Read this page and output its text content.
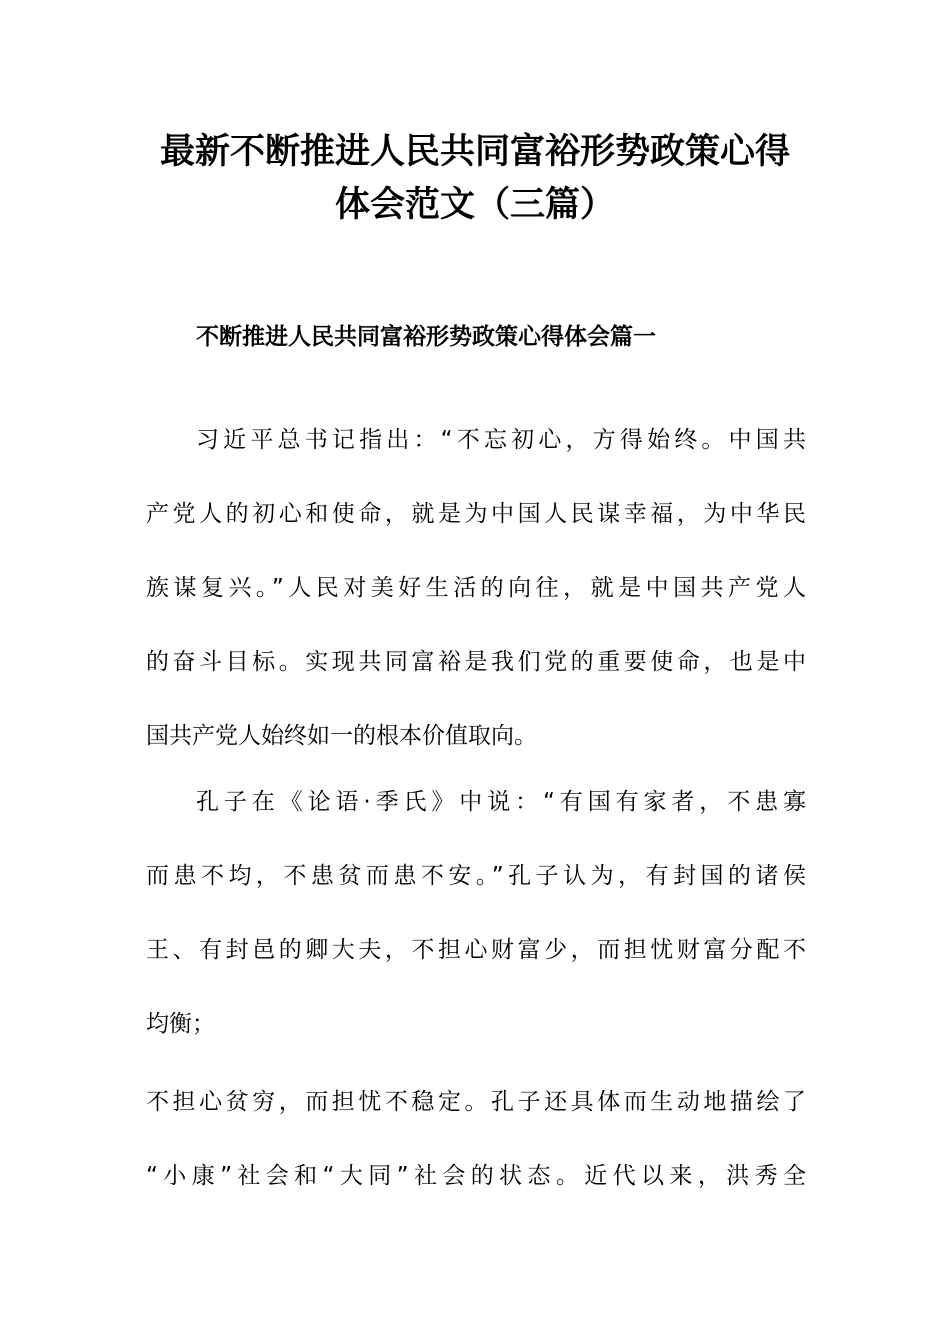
最新不断推进人民共同富裕形势政策心得
体会范文（三篇）
不断推进人民共同富裕形势政策心得体会篇一
习近平总书记指出：“不忘初心，方得始终。中国共
产党人的初心和使命，就是为中国人民谋幸福，为中华民
族谋复兴。”人民对美好生活的向往，就是中国共产党人
的奋斗目标。实现共同富裕是我们党的重要使命，也是中
国共产党人始终如一的根本价值取向。
孔子在《论语·季氏》中说：“有国有家者，不患寡
而患不均，不患贫而患不安。”孔子认为，有封国的诸侯
王、有封邑的卿大夫，不担心财富少，而担忧财富分配不
均衡；
不担心贫穷，而担忧不稳定。孔子还具体而生动地描绘了
“小康”社会和“大同”社会的状态。近代以来，洪秀全
